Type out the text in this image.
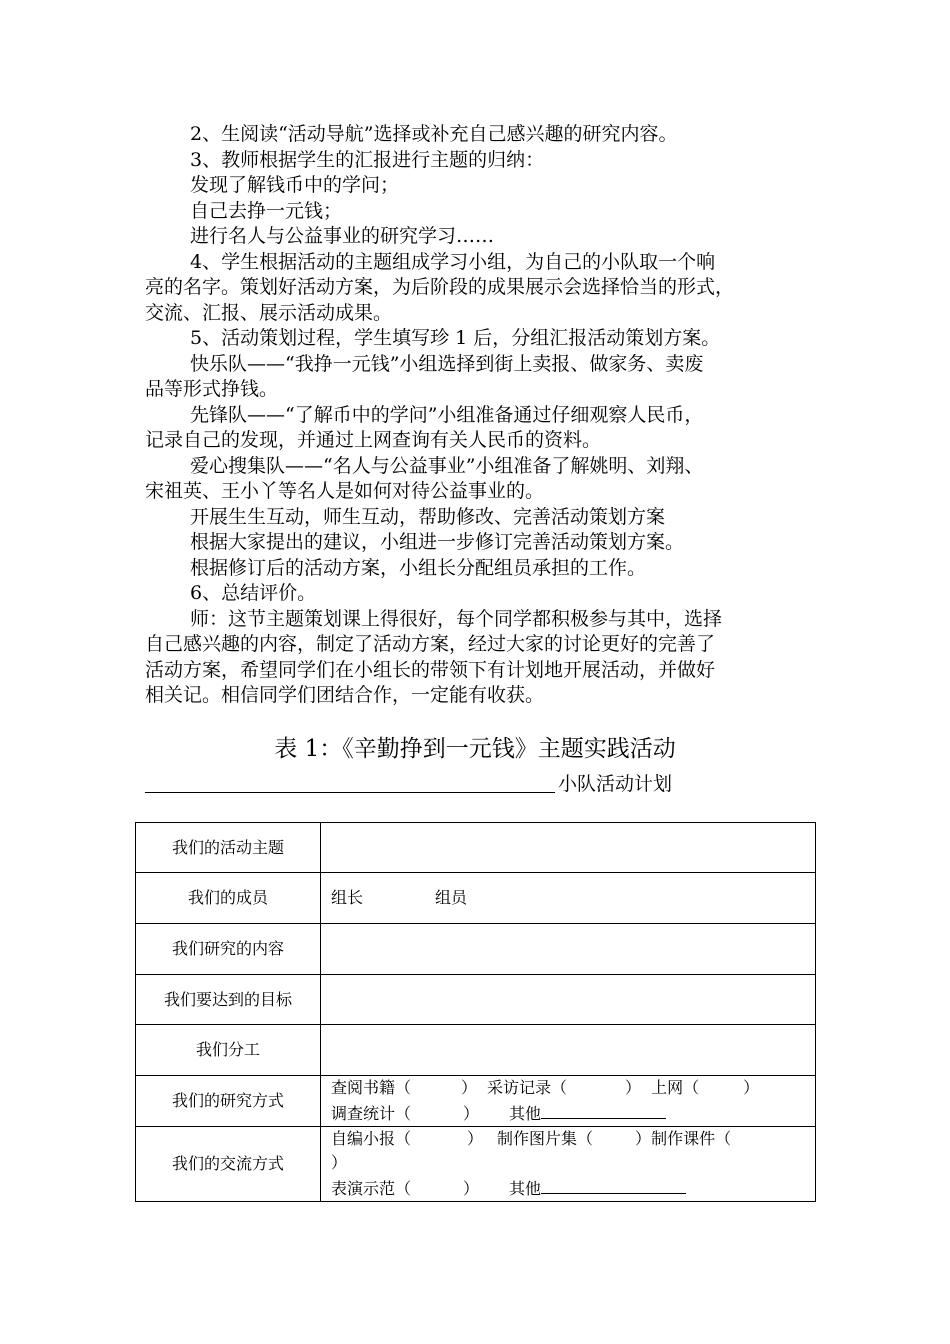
2、生阅读“活动导航”选择或补充自己感兴趣的研究内容。
3、教师根据学生的汇报进行主题的归纳：
发现了解钱币中的学问；
自己去挣一元钱；
进行名人与公益事业的研究学习……
4、学生根据活动的主题组成学习小组，为自己的小队取一个响
亮的名字。策划好活动方案，为后阶段的成果展示会选择恰当的形式，
交流、汇报、展示活动成果。
5、活动策划过程，学生填写珍 1 后，分组汇报活动策划方案。
快乐队——“我挣一元钱”小组选择到街上卖报、做家务、卖废
品等形式挣钱。
先锋队——“了解币中的学问”小组准备通过仔细观察人民币，
记录自己的发现，并通过上网查询有关人民币的资料。
爱心搜集队——“名人与公益事业”小组准备了解姚明、刘翔、
宋祖英、王小丫等名人是如何对待公益事业的。
开展生生互动，师生互动，帮助修改、完善活动策划方案
根据大家提出的建议，小组进一步修订完善活动策划方案。
根据修订后的活动方案，小组长分配组员承担的工作。
6、总结评价。
师：这节主题策划课上得很好，每个同学都积极参与其中，选择
自己感兴趣的内容，制定了活动方案，经过大家的讨论更好的完善了
活动方案，希望同学们在小组长的带领下有计划地开展活动，并做好
相关记。相信同学们团结合作，一定能有收获。
表 1：《辛勤挣到一元钱》主题实践活动
小队活动计划
我们的活动主题	
我们的成员	组长 组员
我们研究的内容	
我们要达到的目标	
我们分工	
我们的研究方式	查阅书籍（ ） 采访记录（ ） 上网（ ）
调查统计（ ） 其他

我们的交流方式	自编小报（ ） 制作图片集（ ）制作课件（
）
表演示范（ ） 其他
